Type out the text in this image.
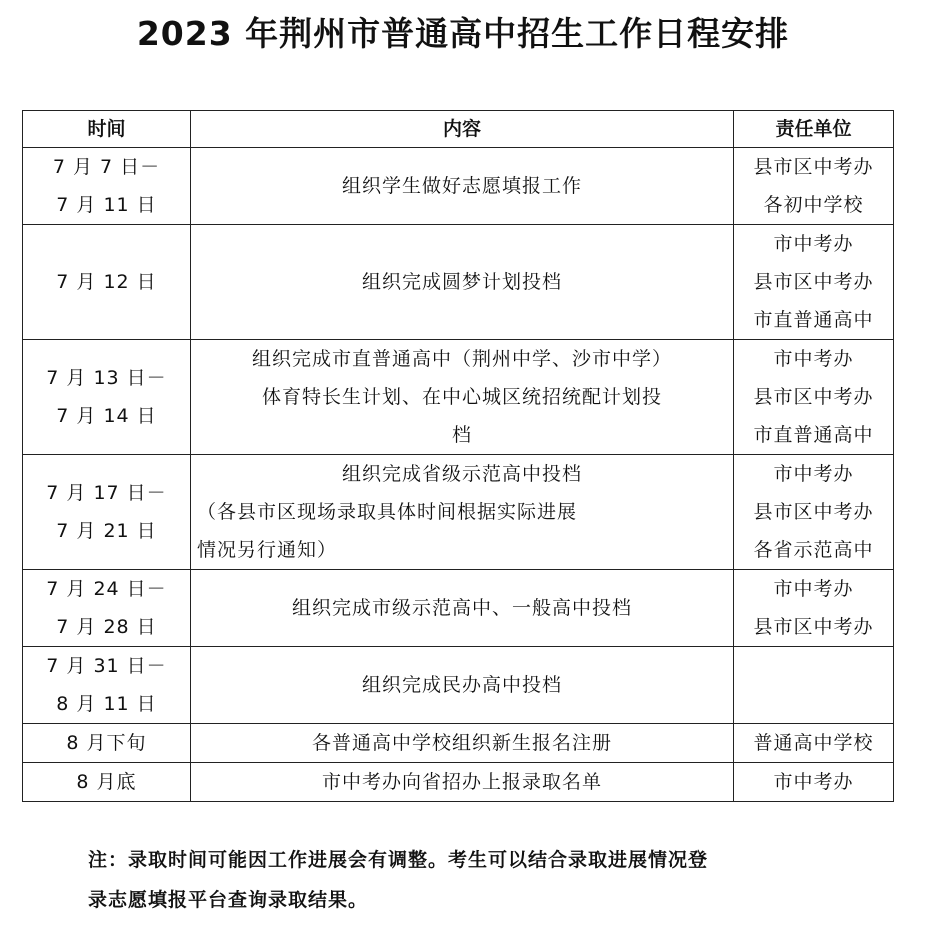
2023 年荆州市普通高中招生工作日程安排
时间	内容	责任单位

7 月 7 日－
7 月 11 日	组织学生做好志愿填报工作	县市区中考办
各初中学校

7 月 12 日	组织完成圆梦计划投档	市中考办
县市区中考办
市直普通高中

7 月 13 日－
7 月 14 日	组织完成市直普通高中（荆州中学、沙市中学）
体育特长生计划、在中心城区统招统配计划投
档	市中考办
县市区中考办
市直普通高中

7 月 17 日－
7 月 21 日	组织完成省级示范高中投档
（各县市区现场录取具体时间根据实际进展
情况另行通知）	市中考办
县市区中考办
各省示范高中

7 月 24 日－
7 月 28 日	组织完成市级示范高中、一般高中投档	市中考办
县市区中考办

7 月 31 日－
8 月 11 日	组织完成民办高中投档	

8 月下旬	各普通高中学校组织新生报名注册	普通高中学校

8 月底	市中考办向省招办上报录取名单	市中考办
注：录取时间可能因工作进展会有调整。考生可以结合录取进展情况登
录志愿填报平台查询录取结果。
